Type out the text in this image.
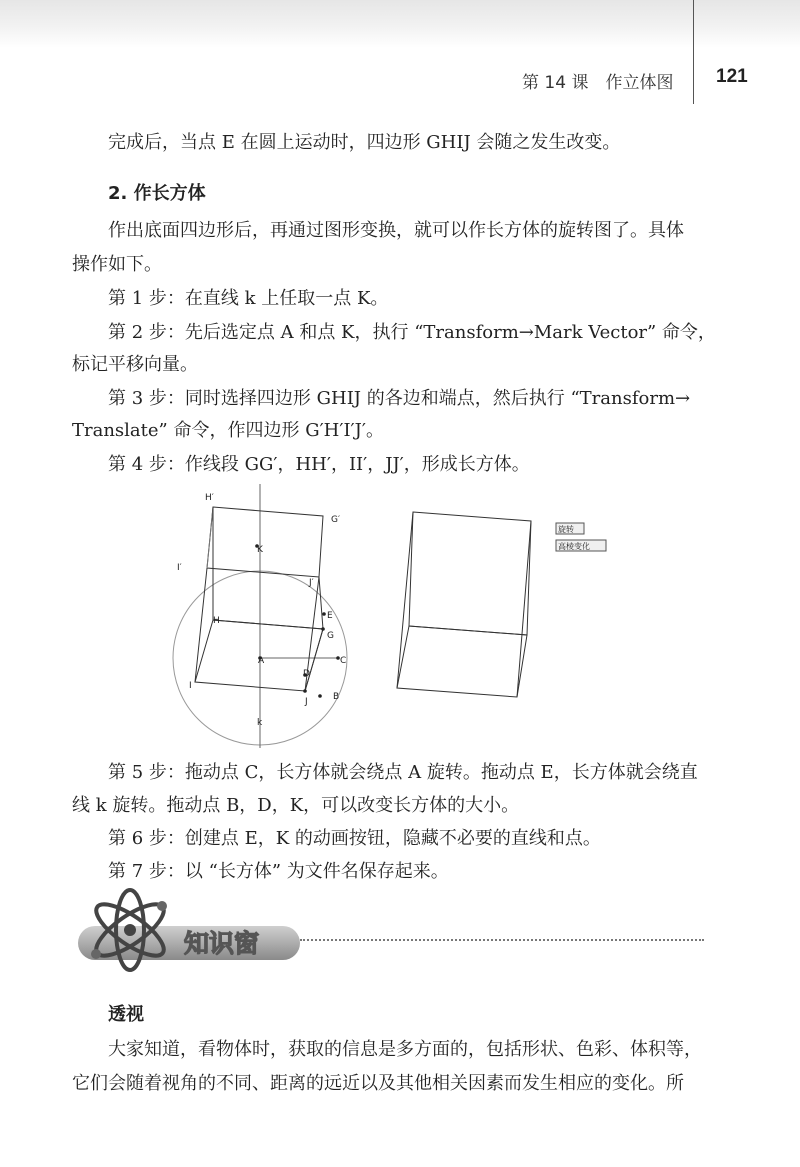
第 14 课　作立体图 121
完成后，当点 E 在圆上运动时，四边形 GHIJ 会随之发生改变。
2. 作长方体
作出底面四边形后，再通过图形变换，就可以作长方体的旋转图了。具体
操作如下。
第 1 步：在直线 k 上任取一点 K。
第 2 步：先后选定点 A 和点 K，执行 “Transform→Mark Vector” 命令，
标记平移向量。
第 3 步：同时选择四边形 GHIJ 的各边和端点，然后执行 “Transform→
Translate” 命令，作四边形 G′H′I′J′。
第 4 步：作线段 GG′，HH′，II′，JJ′，形成长方体。
H′
G′
K
I′
J′
E
H
G
A	C
D
I
J	B
k
旋转
高棱变化
第 5 步：拖动点 C，长方体就会绕点 A 旋转。拖动点 E，长方体就会绕直
线 k 旋转。拖动点 B，D，K，可以改变长方体的大小。
第 6 步：创建点 E，K 的动画按钮，隐藏不必要的直线和点。
第 7 步：以 “长方体” 为文件名保存起来。
知识窗
透视
大家知道，看物体时，获取的信息是多方面的，包括形状、色彩、体积等，
它们会随着视角的不同、距离的远近以及其他相关因素而发生相应的变化。所
